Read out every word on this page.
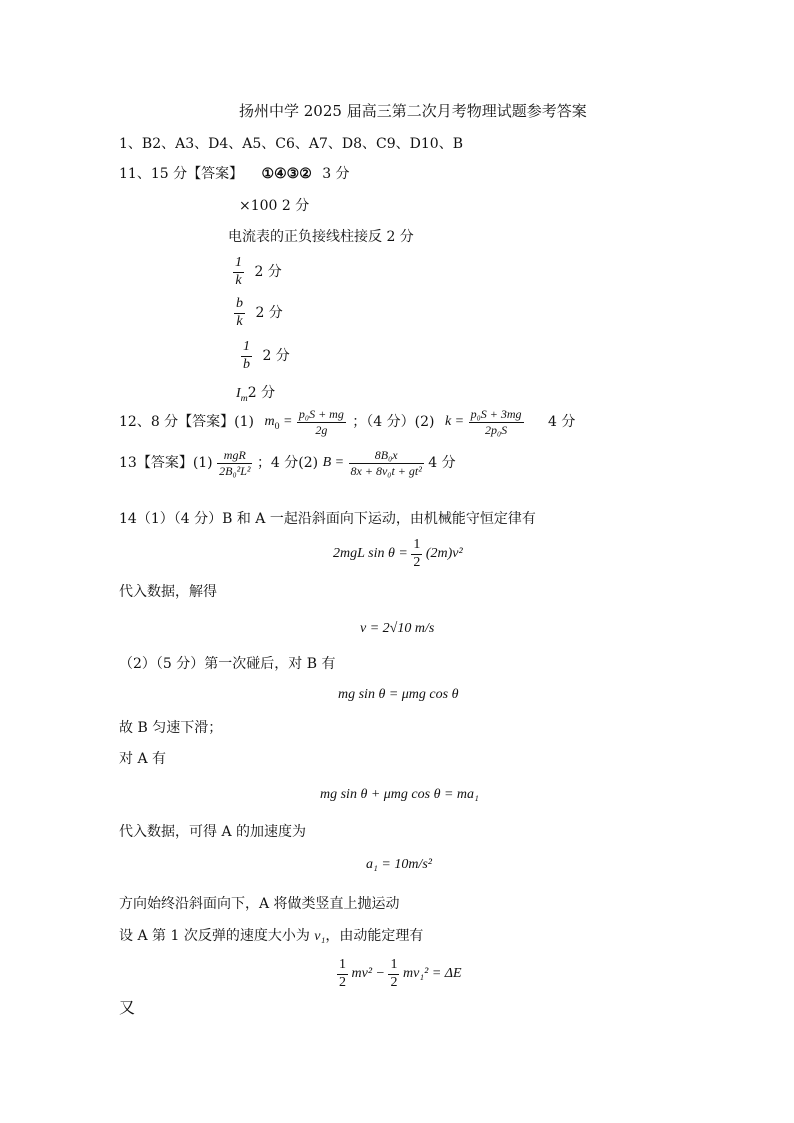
扬州中学 2025 届高三第二次月考物理试题参考答案
1、B2、A3、D4、A5、C6、A7、D8、C9、D10、B
11、15 分【答案】 ①④③② 3 分
×100 2 分
电流表的正负接线柱接反 2 分
$\frac{1}{k} 2$ 分
$\frac{b}{k} 2$ 分
$\frac{1}{b} 2$ 分
$I_m2$ 分
12、8 分【答案】(1) $m_0 = \frac{\text{p₀S + mg}}{2g}$ ；（4 分）(2) $k = \frac{\text{p₀S + 3mg}}{\text{2p₀S}} 4$ 分
13【答案】$(1) \frac{\text{mgR}}{\text{2B₀²L²}}$ ；4 分(2) $B = \frac{\text{8B₀x}}{\text{8x + 8v₀t + gt²}} 4$ 分
14（1）（4 分）B 和 A 一起沿斜面向下运动，由机械能守恒定律有
2mgL $\sin \theta = \frac{1}{2} (2m)v^2$
代入数据，解得
v = 2√10 m/s
（2）（5 分）第一次碰后，对 B 有
mg sin θ = μmg cos θ
故 B 匀速下滑；
对 A 有
mg sin θ + μmg cos θ = ma₁
代入数据，可得 A 的加速度为
a₁ = 10m/s²
方向始终沿斜面向下，A 将做类竖直上抛运动
设 A 第 1 次反弹的速度大小为 v₁，由动能定理有
$\frac{1}{2} mv^2 - \frac{1}{2} mv_1^2 = \Delta E$
又
